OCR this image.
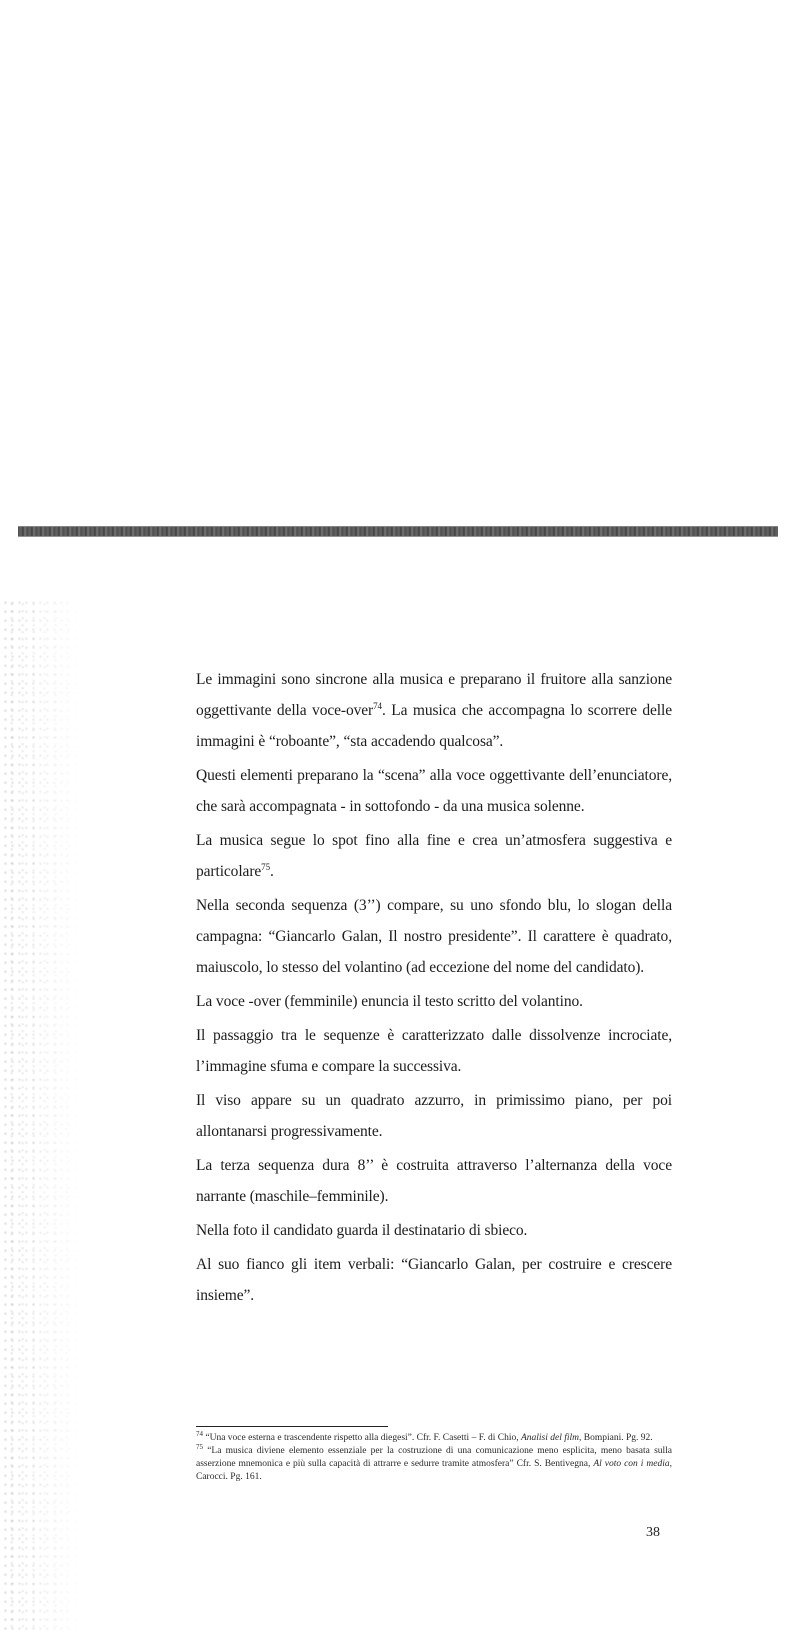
Le immagini sono sincrone alla musica e preparano il fruitore alla sanzione oggettivante della voce-over$^{74}$. La musica che accompagna lo scorrere delle immagini è “roboante”, “sta accadendo qualcosa”.

Questi elementi preparano la “scena” alla voce oggettivante dell’enunciatore, che sarà accompagnata - in sottofondo - da una musica solenne.

La musica segue lo spot fino alla fine e crea un’atmosfera suggestiva e particolare$^{75}$.

Nella seconda sequenza (3’’) compare, su uno sfondo blu, lo slogan della campagna: “Giancarlo Galan, Il nostro presidente”. Il carattere è quadrato, maiuscolo, lo stesso del volantino (ad eccezione del nome del candidato).

La voce -over (femminile) enuncia il testo scritto del volantino.

Il passaggio tra le sequenze è caratterizzato dalle dissolvenze incrociate, l’immagine sfuma e compare la successiva.

Il viso appare su un quadrato azzurro, in primissimo piano, per poi allontanarsi progressivamente.

La terza sequenza dura 8’’ è costruita attraverso l’alternanza della voce narrante (maschile–femminile).

Nella foto il candidato guarda il destinatario di sbieco.

Al suo fianco gli item verbali: “Giancarlo Galan, per costruire e crescere insieme”.

$^{74}$ “Una voce esterna e trascendente rispetto alla diegesi”. Cfr. F. Casetti – F. di Chio, Analisi del film, Bompiani. Pg. 92.

$^{75}$ “La musica diviene elemento essenziale per la costruzione di una comunicazione meno esplicita, meno basata sulla asserzione mnemonica e più sulla capacità di attrarre e sedurre tramite atmosfera” Cfr. S. Bentivegna, Al voto con i media, Carocci. Pg. 161.

38
